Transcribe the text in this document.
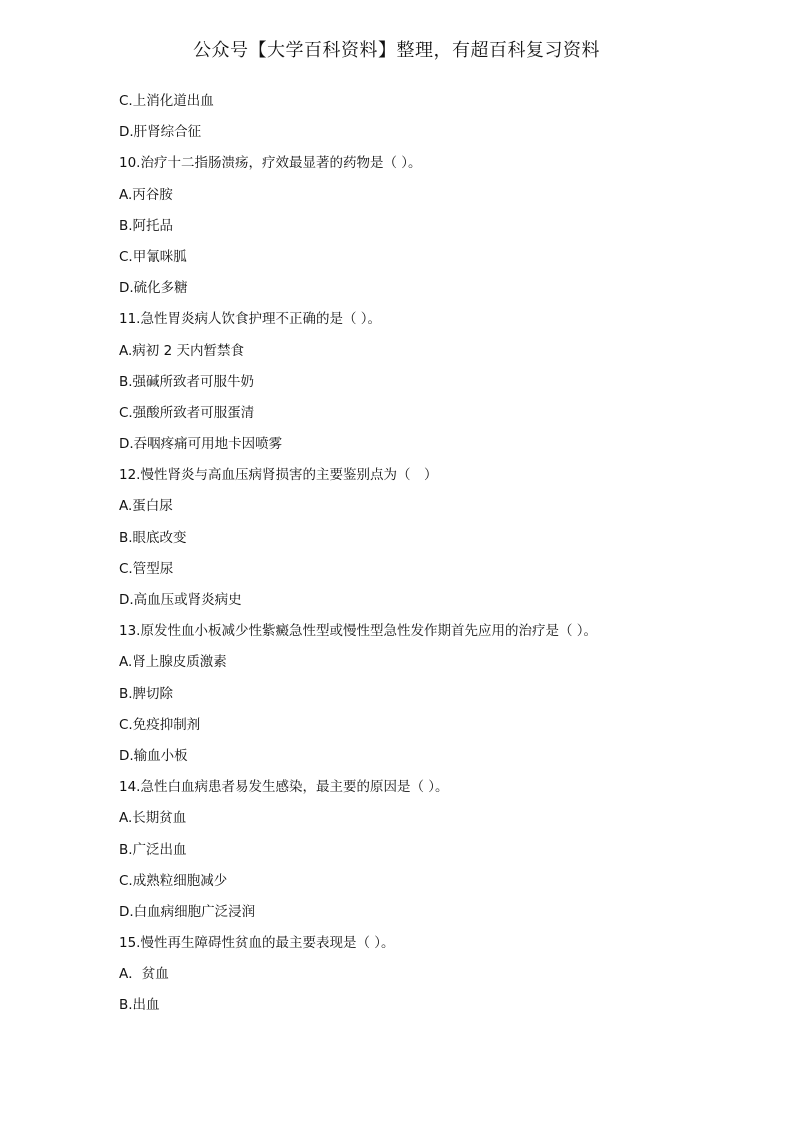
公众号【大学百科资料】整理，有超百科复习资料
C.上消化道出血
D.肝肾综合征
10.治疗十二指肠溃疡，疗效最显著的药物是（ ）。
A.丙谷胺
B.阿托品
C.甲氰咪胍
D.硫化多糖
11.急性胃炎病人饮食护理不正确的是（ ）。
A.病初 2 天内暂禁食
B.强碱所致者可服牛奶
C.强酸所致者可服蛋清
D.吞咽疼痛可用地卡因喷雾
12.慢性肾炎与高血压病肾损害的主要鉴别点为（　）
A.蛋白尿
B.眼底改变
C.管型尿
D.高血压或肾炎病史
13.原发性血小板减少性紫癜急性型或慢性型急性发作期首先应用的治疗是（ ）。
A.肾上腺皮质激素
B.脾切除
C.免疫抑制剂
D.输血小板
14.急性白血病患者易发生感染，最主要的原因是（ ）。
A.长期贫血
B.广泛出血
C.成熟粒细胞减少
D.白血病细胞广泛浸润
15.慢性再生障碍性贫血的最主要表现是（ ）。
A．贫血
B.出血
